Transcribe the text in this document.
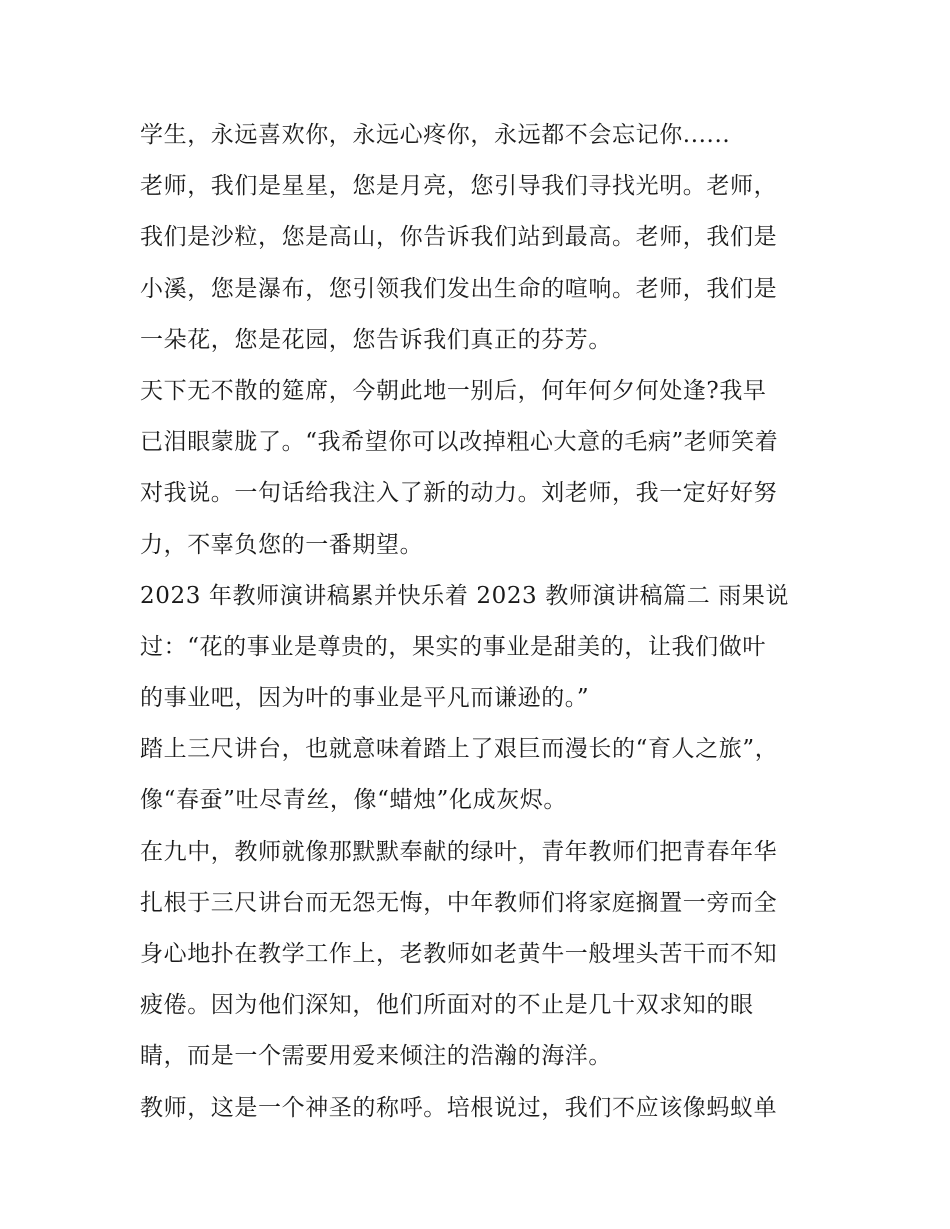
学生，永远喜欢你，永远心疼你，永远都不会忘记你......
老师，我们是星星，您是月亮，您引导我们寻找光明。老师，
我们是沙粒，您是高山，你告诉我们站到最高。老师，我们是
小溪，您是瀑布，您引领我们发出生命的喧响。老师，我们是
一朵花，您是花园，您告诉我们真正的芬芳。
天下无不散的筵席，今朝此地一别后，何年何夕何处逢?我早
已泪眼蒙胧了。“我希望你可以改掉粗心大意的毛病”老师笑着
对我说。一句话给我注入了新的动力。刘老师，我一定好好努
力，不辜负您的一番期望。
2023 年教师演讲稿累并快乐着 2023 教师演讲稿篇二 雨果说
过：“花的事业是尊贵的，果实的事业是甜美的，让我们做叶
的事业吧，因为叶的事业是平凡而谦逊的。”
踏上三尺讲台，也就意味着踏上了艰巨而漫长的“育人之旅”，
像“春蚕”吐尽青丝，像“蜡烛”化成灰烬。
在九中，教师就像那默默奉献的绿叶，青年教师们把青春年华
扎根于三尺讲台而无怨无悔，中年教师们将家庭搁置一旁而全
身心地扑在教学工作上，老教师如老黄牛一般埋头苦干而不知
疲倦。因为他们深知，他们所面对的不止是几十双求知的眼
睛，而是一个需要用爱来倾注的浩瀚的海洋。
教师，这是一个神圣的称呼。培根说过，我们不应该像蚂蚁单
